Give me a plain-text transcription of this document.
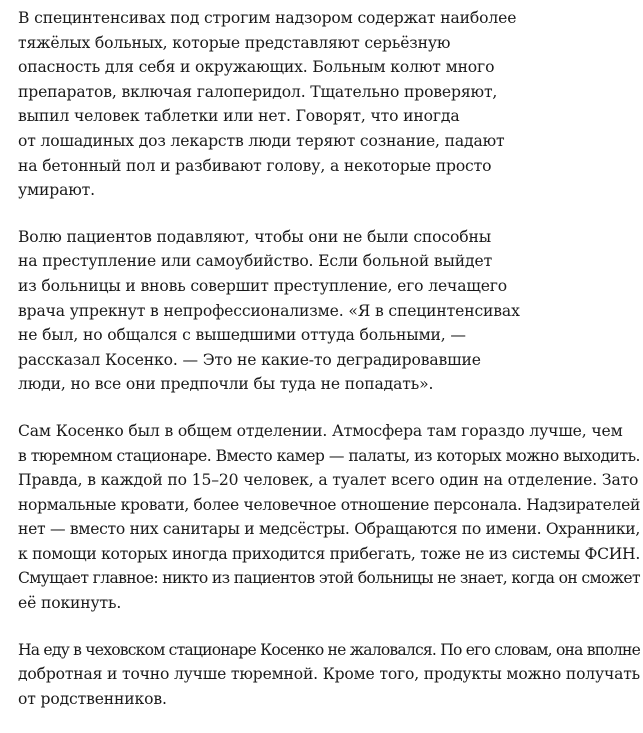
В специнтенсивах под строгим надзором содержат наиболее
тяжёлых больных, которые представляют серьёзную
опасность для себя и окружающих. Больным колют много
препаратов, включая галоперидол. Тщательно проверяют,
выпил человек таблетки или нет. Говорят, что иногда
от лошадиных доз лекарств люди теряют сознание, падают
на бетонный пол и разбивают голову, а некоторые просто
умирают.

Волю пациентов подавляют, чтобы они не были способны
на преступление или самоубийство. Если больной выйдет
из больницы и вновь совершит преступление, его лечащего
врача упрекнут в непрофессионализме. «Я в специнтенсивах
не был, но общался с вышедшими оттуда больными, —
рассказал Косенко. — Это не какие-то деградировавшие
люди, но все они предпочли бы туда не попадать».

Сам Косенко был в общем отделении. Атмосфера там гораздо лучше, чем
в тюремном стационаре. Вместо камер — палаты, из которых можно выходить.
Правда, в каждой по 15–20 человек, а туалет всего один на отделение. Зато
нормальные кровати, более человечное отношение персонала. Надзирателей
нет — вместо них санитары и медсёстры. Обращаются по имени. Охранники,
к помощи которых иногда приходится прибегать, тоже не из системы ФСИН.
Смущает главное: никто из пациентов этой больницы не знает, когда он сможет
её покинуть.

На еду в чеховском стационаре Косенко не жаловался. По его словам, она вполне
добротная и точно лучше тюремной. Кроме того, продукты можно получать
от родственников.
